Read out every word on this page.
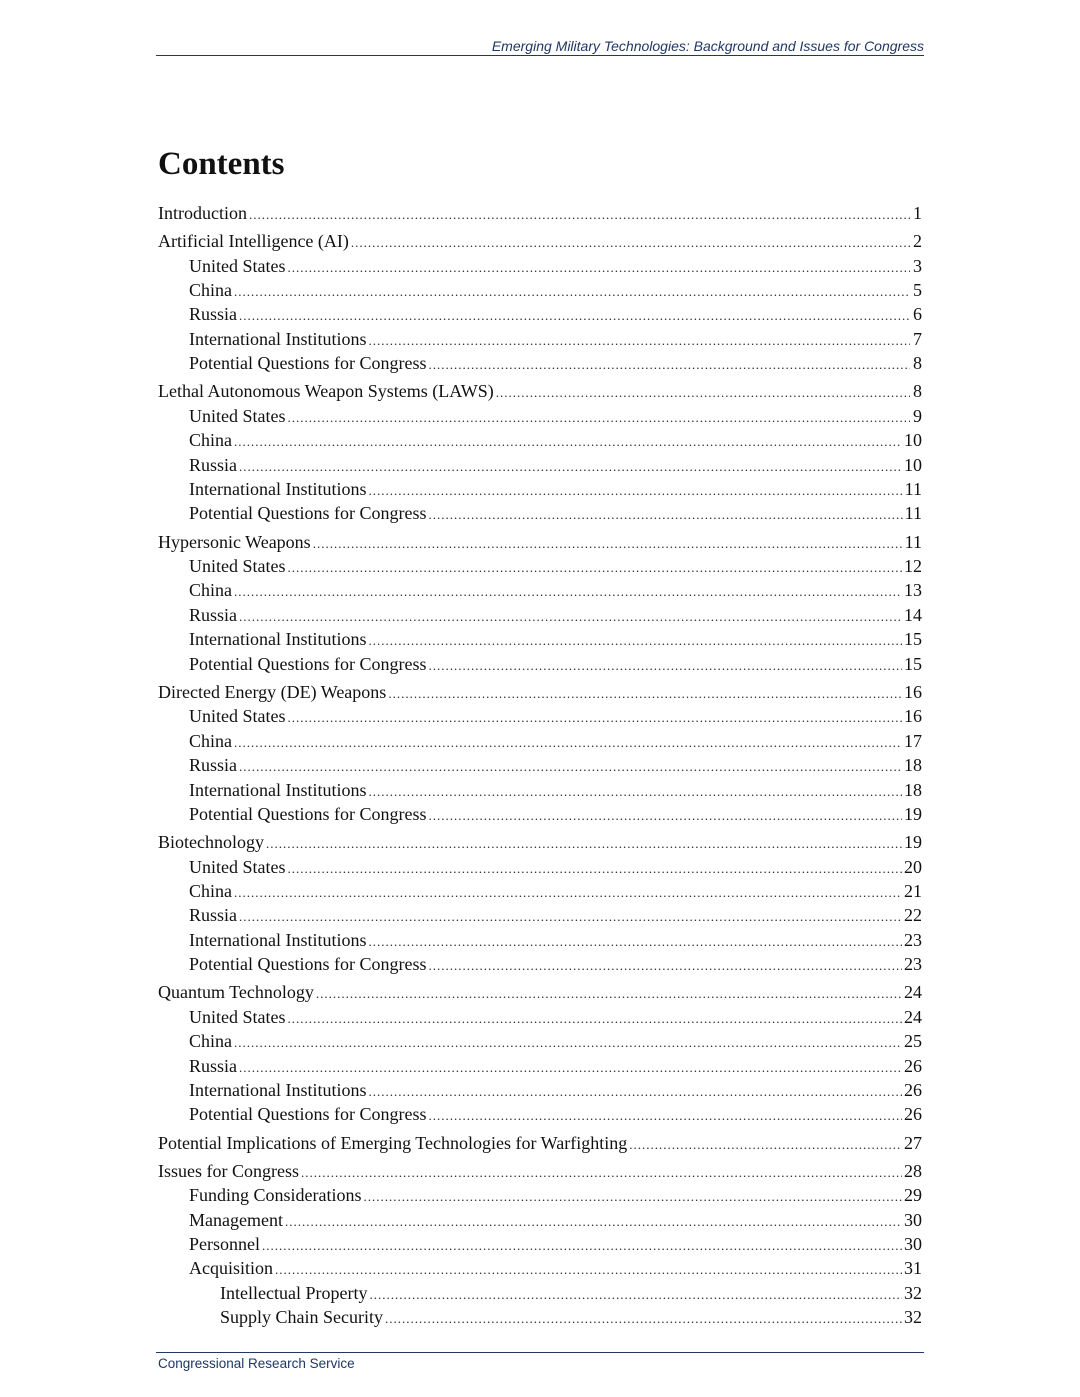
Emerging Military Technologies: Background and Issues for Congress
Contents
Introduction .....	1
Artificial Intelligence (AI) .....	2
United States .....	3
China .....	5
Russia .....	6
International Institutions .....	7
Potential Questions for Congress .....	8
Lethal Autonomous Weapon Systems (LAWS) .....	8
United States .....	9
China .....	10
Russia .....	10
International Institutions .....	11
Potential Questions for Congress .....	11
Hypersonic Weapons .....	11
United States .....	12
China .....	13
Russia .....	14
International Institutions .....	15
Potential Questions for Congress .....	15
Directed Energy (DE) Weapons .....	16
United States .....	16
China .....	17
Russia .....	18
International Institutions .....	18
Potential Questions for Congress .....	19
Biotechnology .....	19
United States .....	20
China .....	21
Russia .....	22
International Institutions .....	23
Potential Questions for Congress .....	23
Quantum Technology .....	24
United States .....	24
China .....	25
Russia .....	26
International Institutions .....	26
Potential Questions for Congress .....	26
Potential Implications of Emerging Technologies for Warfighting .....	27
Issues for Congress .....	28
Funding Considerations .....	29
Management .....	30
Personnel .....	30
Acquisition .....	31
Intellectual Property .....	32
Supply Chain Security .....	32
Congressional Research Service
